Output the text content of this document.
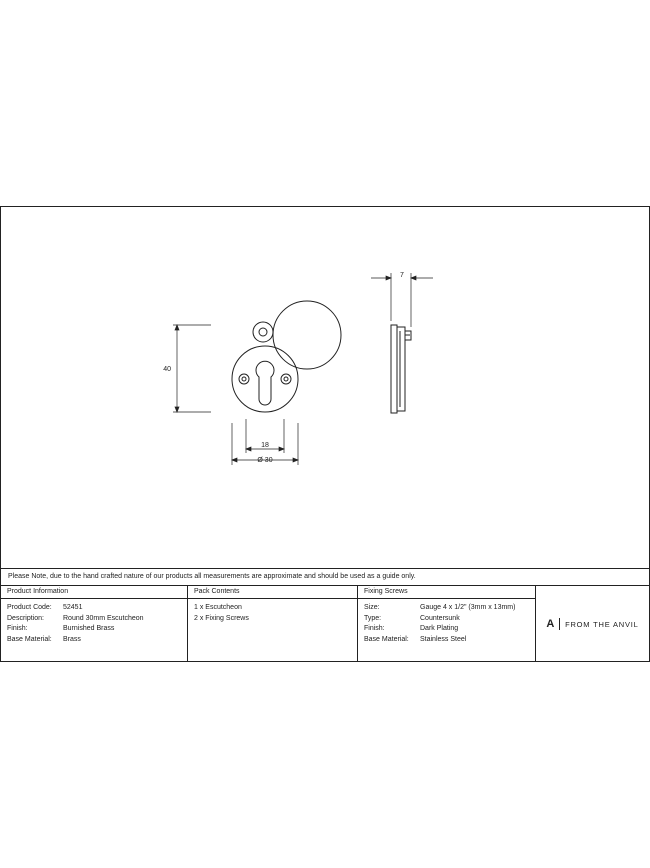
40
18
Ø 30
7
Please Note, due to the hand crafted nature of our products all measurements are approximate and should be used as a guide only.
Product Information
Product Code:	52451
Description:	Round 30mm Escutcheon
Finish:	Burnished Brass
Base Material:	Brass
Pack Contents
1 x Escutcheon
2 x Fixing Screws
Fixing Screws
Size:	Gauge 4 x 1/2" (3mm x 13mm)
Type:	Countersunk
Finish:	Dark Plating
Base Material:	Stainless Steel
A FROM THE ANVIL
